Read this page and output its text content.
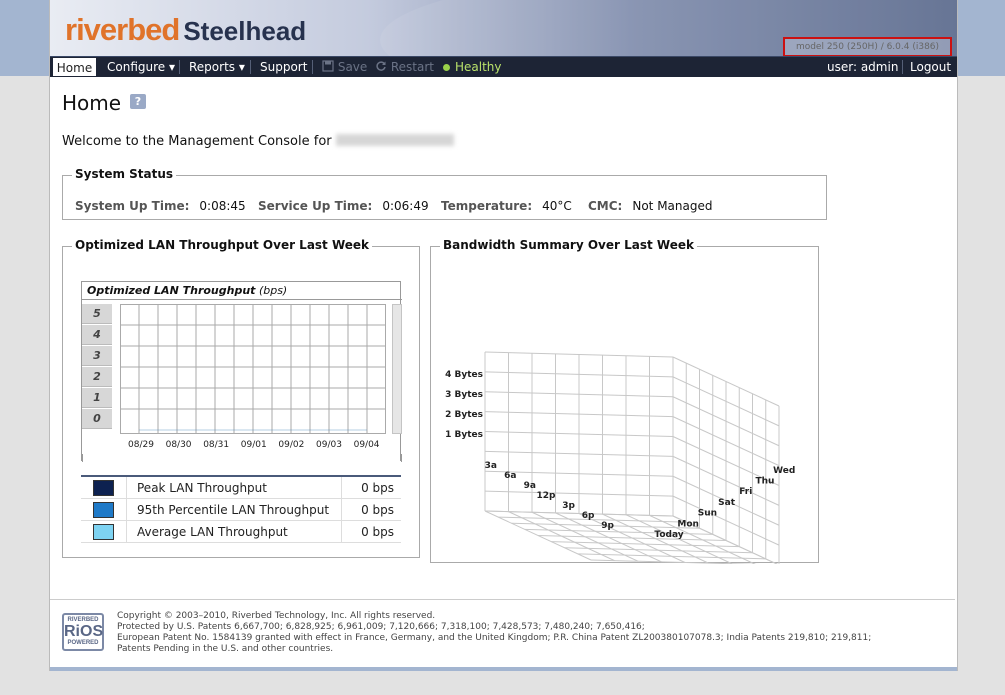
riverbed Steelhead
model 250 (250H) / 6.0.4 (i386)
Home	Configure ▾ Reports ▾ Support	Save	Restart	Healthy	user: admin Logout
Home	?
Welcome to the Management Console for
System Status
System Up Time: 0:08:45 Service Up Time: 0:06:49 Temperature: 40°C CMC: Not Managed
Optimized LAN Throughput Over Last Week
Optimized LAN Throughput (bps)
5
4
3
2
1
0
08/29 08/30 08/31 09/01 09/02 09/03 09/04
	Peak LAN Throughput	0 bps
	95th Percentile LAN Throughput	0 bps
	Average LAN Throughput	0 bps
Bandwidth Summary Over Last Week
4 Bytes
3 Bytes
2 Bytes
1 Bytes
3a
6a
9a
12p
3p
6p
9p
Today
Mon
Sun
Sat
Fri
Thu
Wed
RIVERBED
RiOS
POWERED
Copyright © 2003–2010, Riverbed Technology, Inc. All rights reserved.
Protected by U.S. Patents 6,667,700; 6,828,925; 6,961,009; 7,120,666; 7,318,100; 7,428,573; 7,480,240; 7,650,416;
European Patent No. 1584139 granted with effect in France, Germany, and the United Kingdom; P.R. China Patent ZL200380107078.3; India Patents 219,810; 219,811;
Patents Pending in the U.S. and other countries.
